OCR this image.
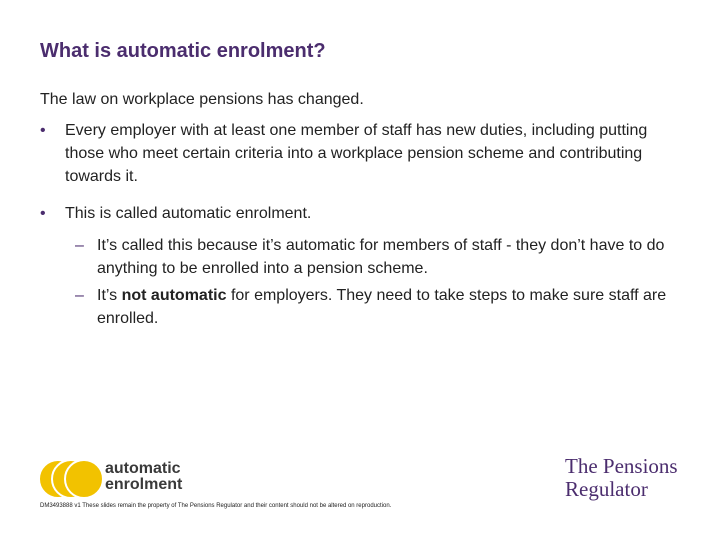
What is automatic enrolment?
The law on workplace pensions has changed.
•	Every employer with at least one member of staff has new duties, including putting those who meet certain criteria into a workplace pension scheme and contributing towards it.
•	This is called automatic enrolment.
– It’s called this because it’s automatic for members of staff - they don’t have to do anything to be enrolled into a pension scheme.
– It’s not automatic for employers. They need to take steps to make sure staff are enrolled.
automatic
enrolment
The Pensions
Regulator
DM3493888 v1 These slides remain the property of The Pensions Regulator and their content should not be altered on reproduction.
